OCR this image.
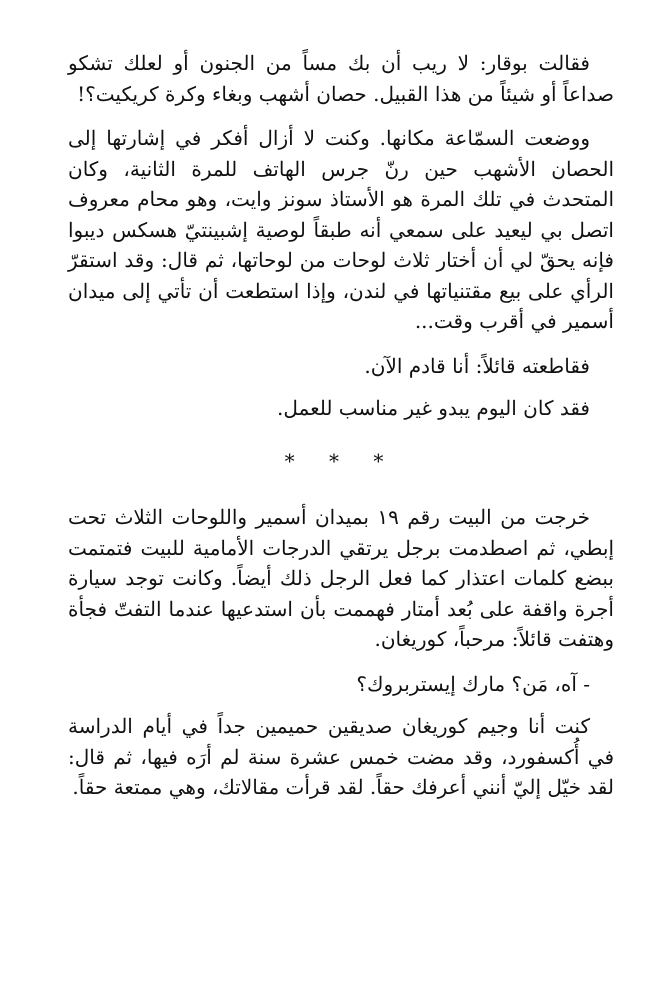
فقالت بوقار: لا ريب أن بك مساً من الجنون أو لعلك تشكو صداعاً أو شيئاً من هذا القبيل. حصان أشهب وبغاء وكرة كريكيت؟!

ووضعت السمّاعة مكانها. وكنت لا أزال أفكر في إشارتها إلى الحصان الأشهب حين رنّ جرس الهاتف للمرة الثانية، وكان المتحدث في تلك المرة هو الأستاذ سونز وايت، وهو محام معروف اتصل بي ليعيد على سمعي أنه طبقاً لوصية إشبينتيّ هسكس ديبوا فإنه يحقّ لي أن أختار ثلاث لوحات من لوحاتها، ثم قال: وقد استقرّ الرأي على بيع مقتنياتها في لندن، وإذا استطعت أن تأتي إلى ميدان أسمير في أقرب وقت...

فقاطعته قائلاً: أنا قادم الآن.

فقد كان اليوم يبدو غير مناسب للعمل.

* * *

خرجت من البيت رقم ١٩ بميدان أسمير واللوحات الثلاث تحت إبطي، ثم اصطدمت برجل يرتقي الدرجات الأمامية للبيت فتمتمت ببضع كلمات اعتذار كما فعل الرجل ذلك أيضاً. وكانت توجد سيارة أجرة واقفة على بُعد أمتار فهممت بأن استدعيها عندما التفتّ فجأة وهتفت قائلاً: مرحباً، كوريغان.

- آه، مَن؟ مارك إيستربروك؟

كنت أنا وجيم كوريغان صديقين حميمين جداً في أيام الدراسة في أُكسفورد، وقد مضت خمس عشرة سنة لم أرَه فيها، ثم قال: لقد خيّل إليّ أنني أعرفك حقاً. لقد قرأت مقالاتك، وهي ممتعة حقاً.
